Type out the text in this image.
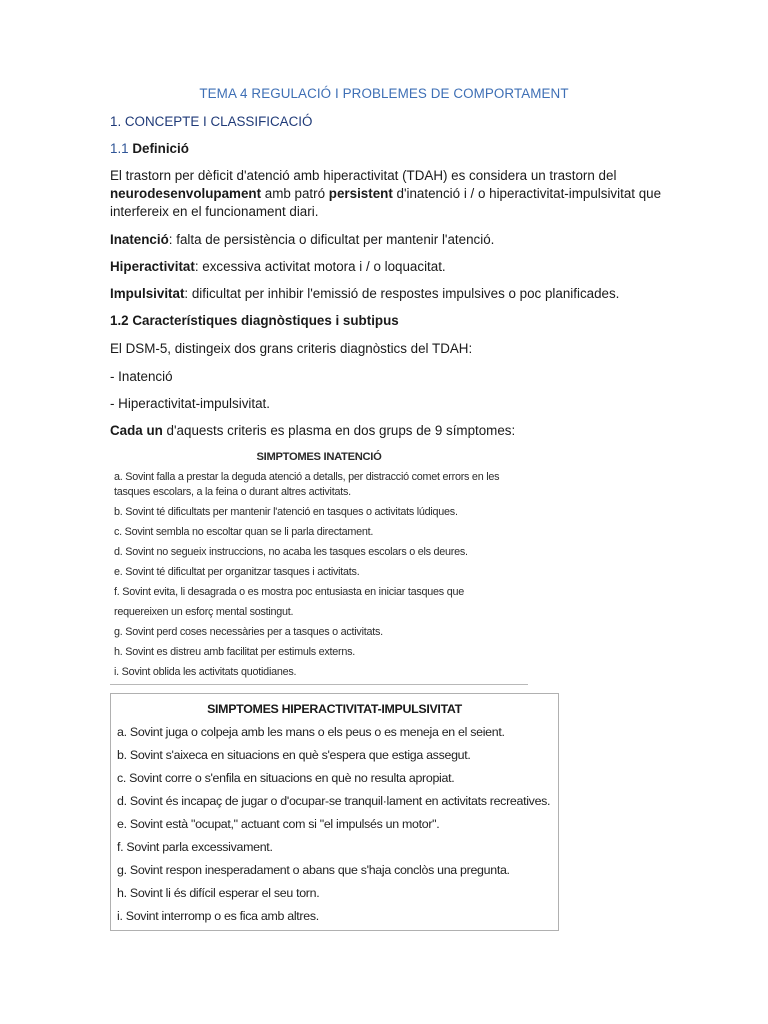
TEMA 4 REGULACIÓ I PROBLEMES DE COMPORTAMENT
1. CONCEPTE I CLASSIFICACIÓ
1.1 Definició
El trastorn per dèficit d'atenció amb hiperactivitat (TDAH) es considera un trastorn del
neurodesenvolupament amb patró persistent d'inatenció i / o hiperactivitat-impulsivitat que
interfereix en el funcionament diari.
Inatenció: falta de persistència o dificultat per mantenir l'atenció.
Hiperactivitat: excessiva activitat motora i / o loquacitat.
Impulsivitat: dificultat per inhibir l'emissió de respostes impulsives o poc planificades.
1.2 Característiques diagnòstiques i subtipus
El DSM-5, distingeix dos grans criteris diagnòstics del TDAH:
- Inatenció
- Hiperactivitat-impulsivitat.
Cada un d'aquests criteris es plasma en dos grups de 9 símptomes:
SIMPTOMES INATENCIÓ
a. Sovint falla a prestar la deguda atenció a detalls, per distracció comet errors en les
tasques escolars, a la feina o durant altres activitats.
b. Sovint té dificultats per mantenir l'atenció en tasques o activitats lúdiques.
c. Sovint sembla no escoltar quan se li parla directament.
d. Sovint no segueix instruccions, no acaba les tasques escolars o els deures.
e. Sovint té dificultat per organitzar tasques i activitats.
f. Sovint evita, li desagrada o es mostra poc entusiasta en iniciar tasques que
requereixen un esforç mental sostingut.
g. Sovint perd coses necessàries per a tasques o activitats.
h. Sovint es distreu amb facilitat per estimuls externs.
i. Sovint oblida les activitats quotidianes.
SIMPTOMES HIPERACTIVITAT-IMPULSIVITAT
a. Sovint juga o colpeja amb les mans o els peus o es meneja en el seient.
b. Sovint s'aixeca en situacions en què s'espera que estiga assegut.
c. Sovint corre o s'enfila en situacions en què no resulta apropiat.
d. Sovint és incapaç de jugar o d'ocupar-se tranquil·lament en activitats recreatives.
e. Sovint està "ocupat," actuant com si "el impulsés un motor".
f. Sovint parla excessivament.
g. Sovint respon inesperadament o abans que s'haja conclòs una pregunta.
h. Sovint li és difícil esperar el seu torn.
i. Sovint interromp o es fica amb altres.
